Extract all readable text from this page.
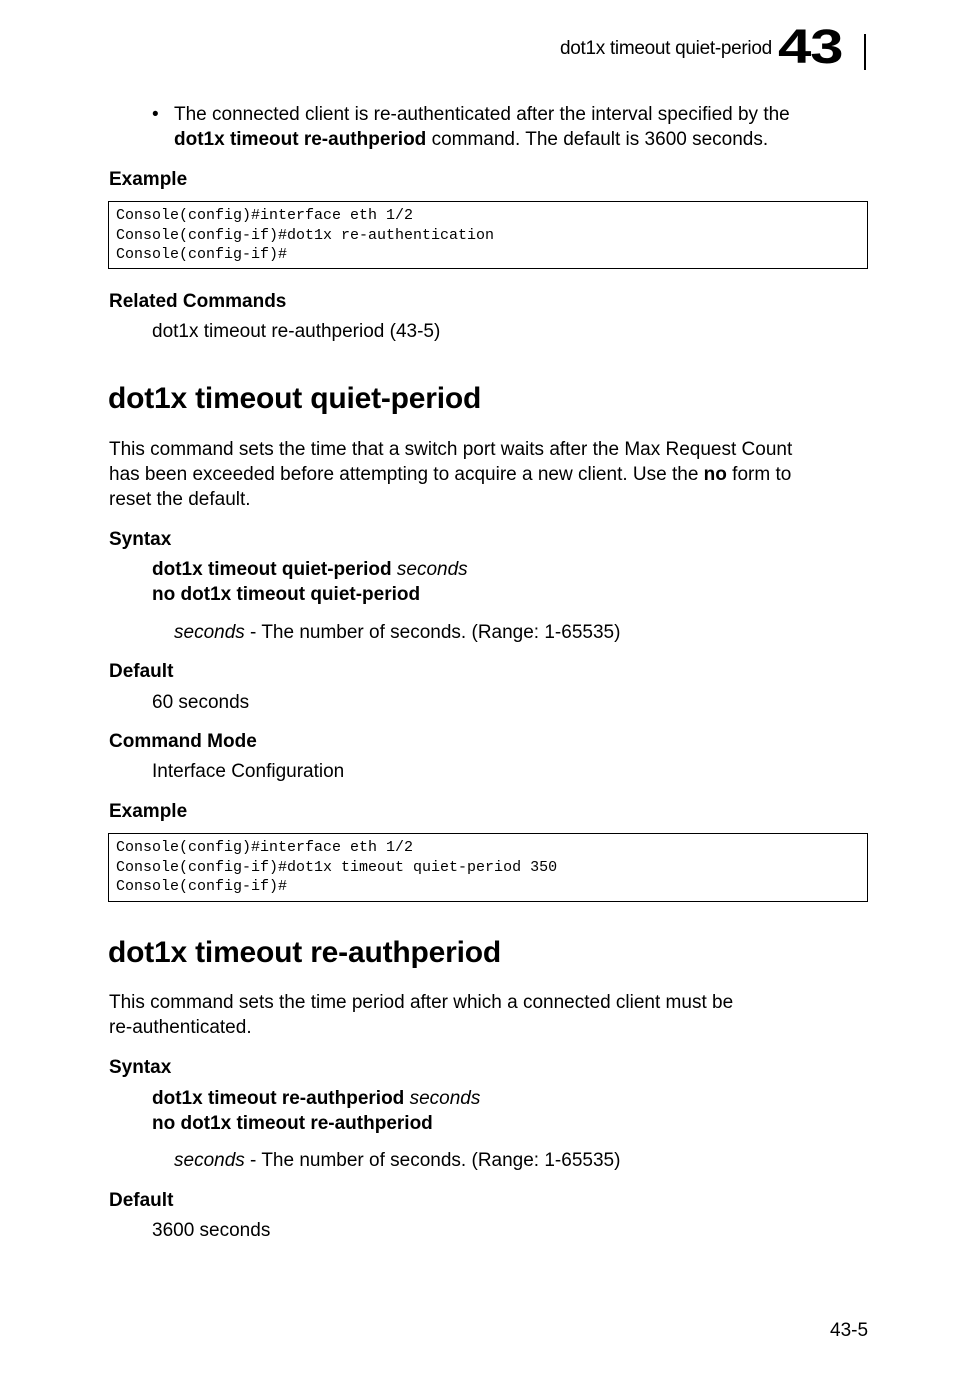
dot1x timeout quiet-period 43
• The connected client is re-authenticated after the interval specified by the
dot1x timeout re-authperiod command. The default is 3600 seconds.
Example
Console(config)#interface eth 1/2
Console(config-if)#dot1x re-authentication
Console(config-if)#
Related Commands
dot1x timeout re-authperiod (43-5)
dot1x timeout quiet-period
This command sets the time that a switch port waits after the Max Request Count
has been exceeded before attempting to acquire a new client. Use the no form to
reset the default.
Syntax
dot1x timeout quiet-period seconds
no dot1x timeout quiet-period
seconds - The number of seconds. (Range: 1-65535)
Default
60 seconds
Command Mode
Interface Configuration
Example
Console(config)#interface eth 1/2
Console(config-if)#dot1x timeout quiet-period 350
Console(config-if)#
dot1x timeout re-authperiod
This command sets the time period after which a connected client must be
re-authenticated.
Syntax
dot1x timeout re-authperiod seconds
no dot1x timeout re-authperiod
seconds - The number of seconds. (Range: 1-65535)
Default
3600 seconds
43-5
